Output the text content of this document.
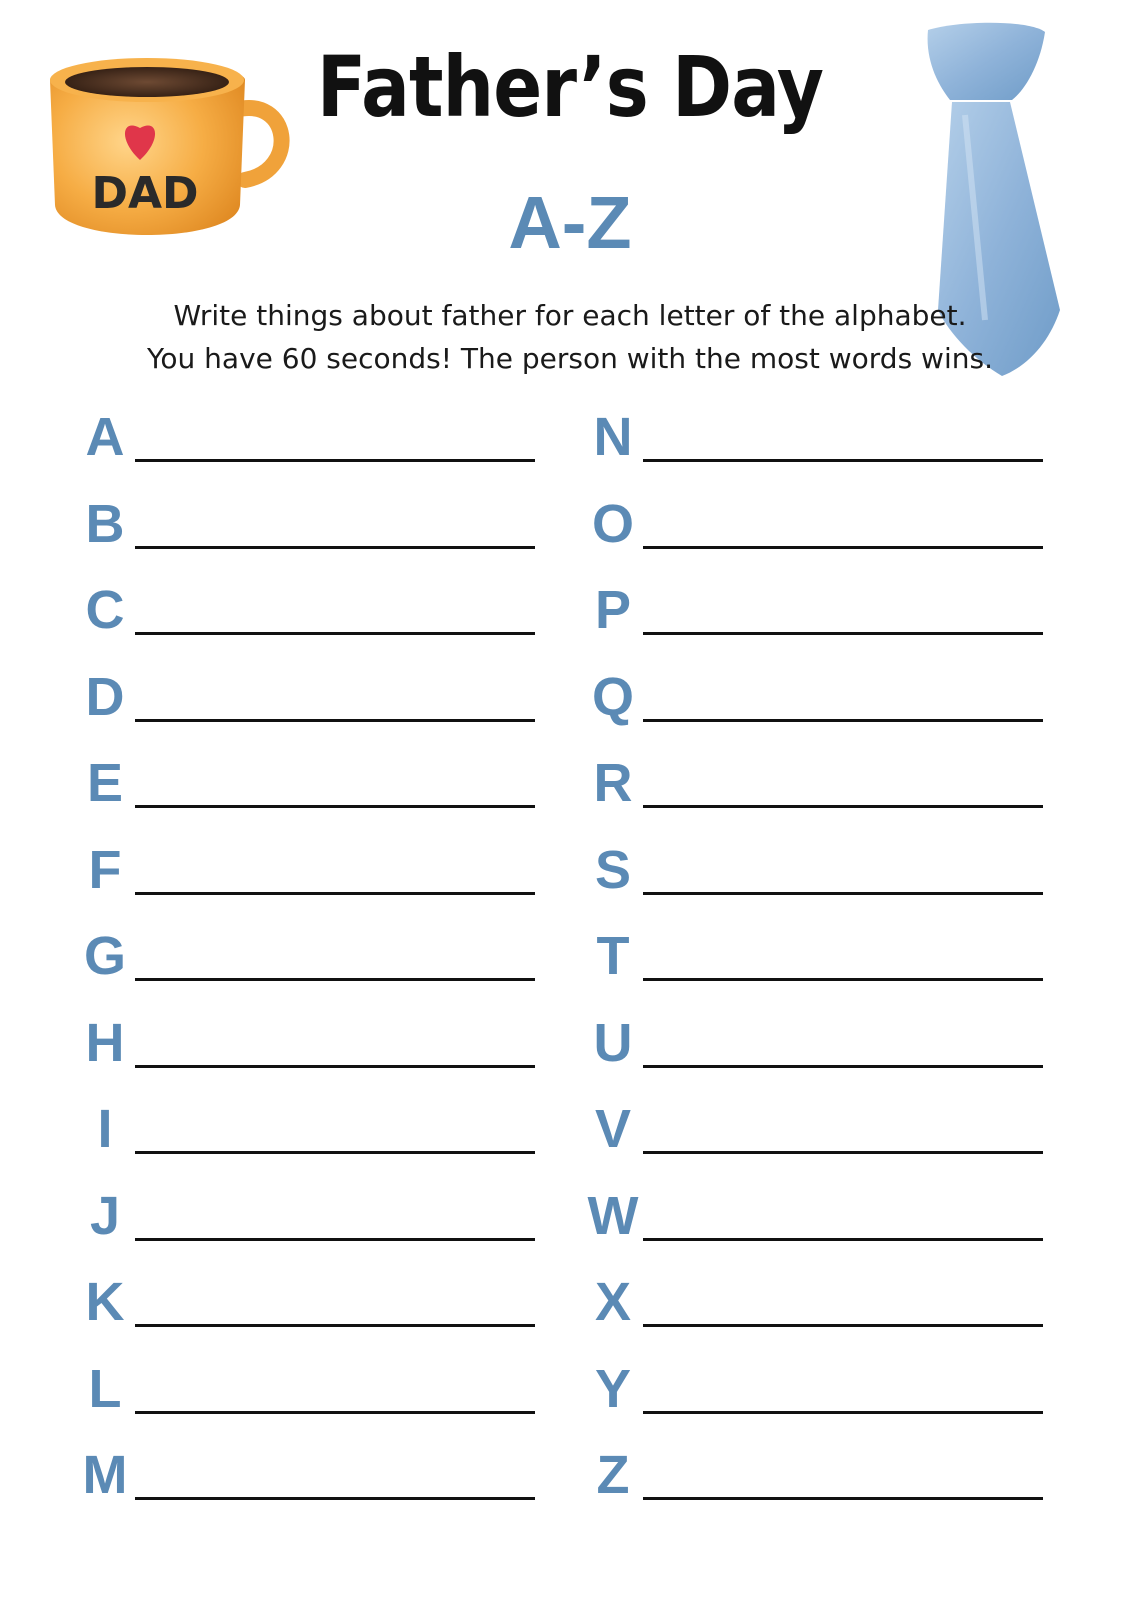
DAD
Father’s Day
A-Z
Write things about father for each letter of the alphabet.
You have 60 seconds! The person with the most words wins.
A
B
C
D
E
F
G
H
I
J
K
L
M
N
O
P
Q
R
S
T
U
V
W
X
Y
Z
